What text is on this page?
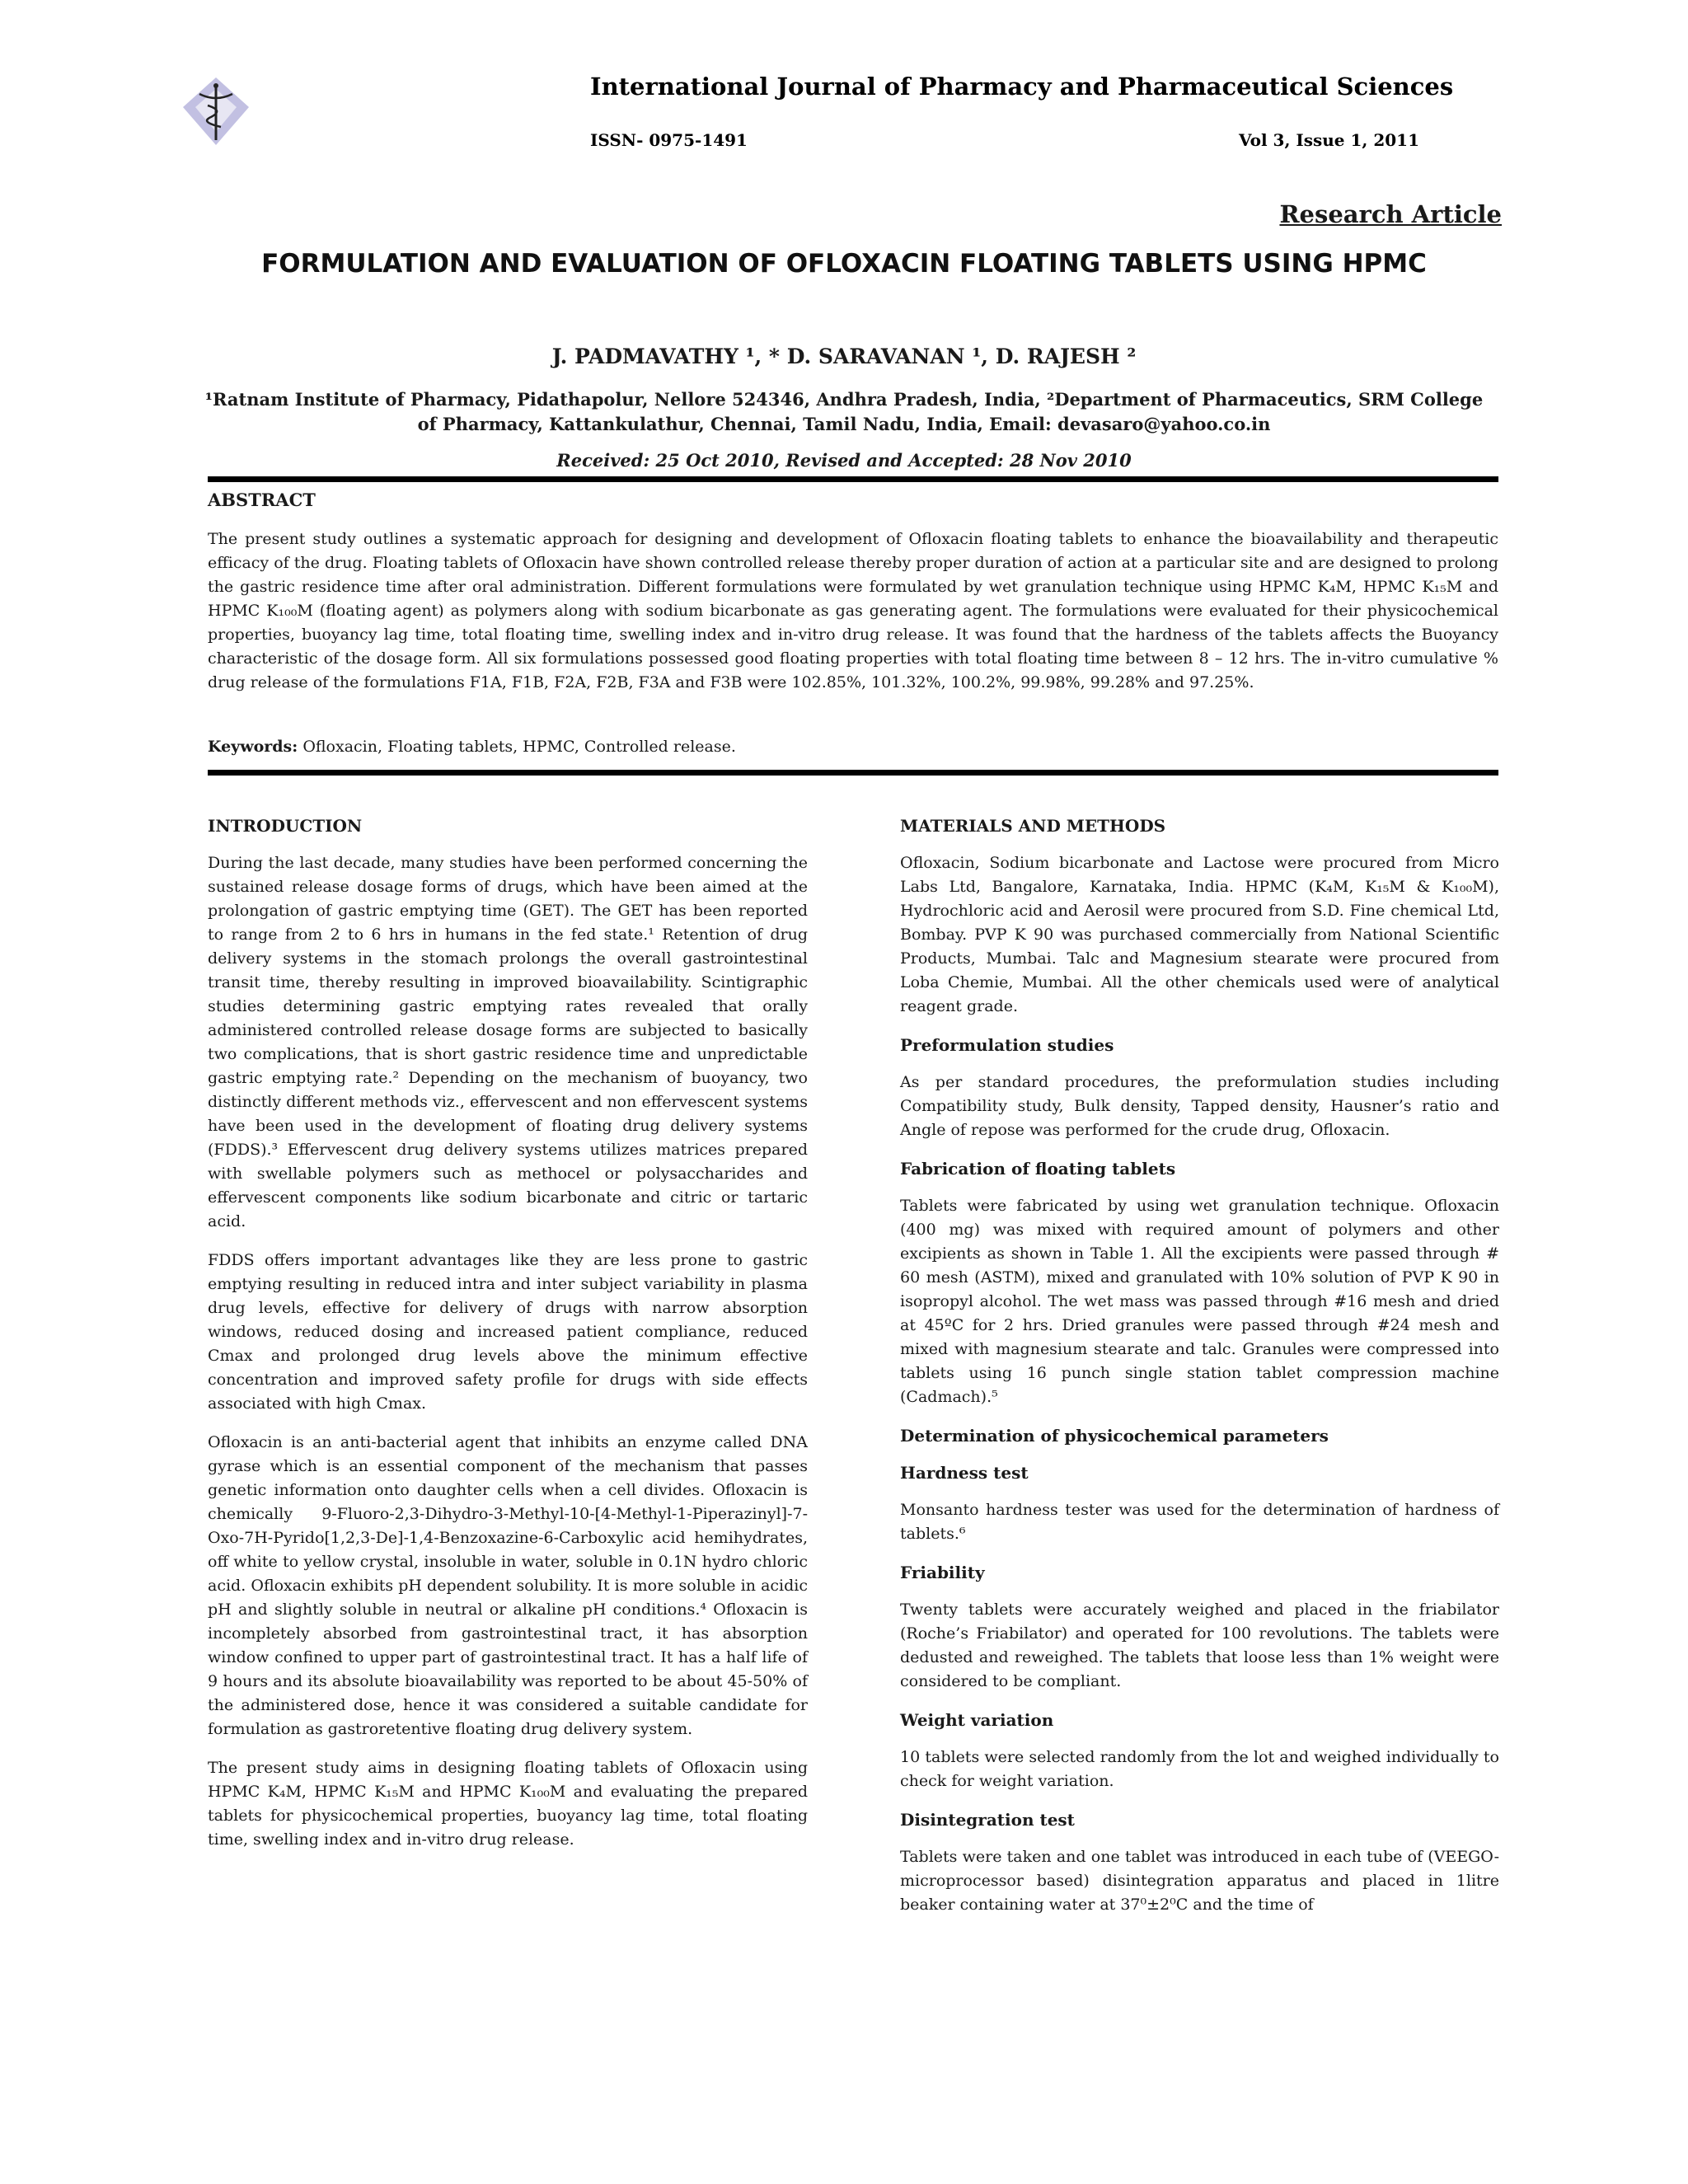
International Journal of Pharmacy and Pharmaceutical Sciences
ISSN- 0975-1491	Vol 3, Issue 1, 2011
Research Article
FORMULATION AND EVALUATION OF OFLOXACIN FLOATING TABLETS USING HPMC
J. PADMAVATHY ¹, * D. SARAVANAN ¹, D. RAJESH ²
¹Ratnam Institute of Pharmacy, Pidathapolur, Nellore 524346, Andhra Pradesh, India, ²Department of Pharmaceutics, SRM College of Pharmacy, Kattankulathur, Chennai, Tamil Nadu, India, Email: devasaro@yahoo.co.in
Received: 25 Oct 2010, Revised and Accepted: 28 Nov 2010
ABSTRACT

The present study outlines a systematic approach for designing and development of Ofloxacin floating tablets to enhance the bioavailability and therapeutic efficacy of the drug. Floating tablets of Ofloxacin have shown controlled release thereby proper duration of action at a particular site and are designed to prolong the gastric residence time after oral administration. Different formulations were formulated by wet granulation technique using HPMC K₄M, HPMC K₁₅M and HPMC K₁₀₀M (floating agent) as polymers along with sodium bicarbonate as gas generating agent. The formulations were evaluated for their physicochemical properties, buoyancy lag time, total floating time, swelling index and in-vitro drug release. It was found that the hardness of the tablets affects the Buoyancy characteristic of the dosage form. All six formulations possessed good floating properties with total floating time between 8 – 12 hrs. The in-vitro cumulative % drug release of the formulations F1A, F1B, F2A, F2B, F3A and F3B were 102.85%, 101.32%, 100.2%, 99.98%, 99.28% and 97.25%.

Keywords: Ofloxacin, Floating tablets, HPMC, Controlled release.
INTRODUCTION

During the last decade, many studies have been performed concerning the sustained release dosage forms of drugs, which have been aimed at the prolongation of gastric emptying time (GET). The GET has been reported to range from 2 to 6 hrs in humans in the fed state.¹ Retention of drug delivery systems in the stomach prolongs the overall gastrointestinal transit time, thereby resulting in improved bioavailability. Scintigraphic studies determining gastric emptying rates revealed that orally administered controlled release dosage forms are subjected to basically two complications, that is short gastric residence time and unpredictable gastric emptying rate.² Depending on the mechanism of buoyancy, two distinctly different methods viz., effervescent and non effervescent systems have been used in the development of floating drug delivery systems (FDDS).³ Effervescent drug delivery systems utilizes matrices prepared with swellable polymers such as methocel or polysaccharides and effervescent components like sodium bicarbonate and citric or tartaric acid.

FDDS offers important advantages like they are less prone to gastric emptying resulting in reduced intra and inter subject variability in plasma drug levels, effective for delivery of drugs with narrow absorption windows, reduced dosing and increased patient compliance, reduced Cmax and prolonged drug levels above the minimum effective concentration and improved safety profile for drugs with side effects associated with high Cmax.

Ofloxacin is an anti-bacterial agent that inhibits an enzyme called DNA gyrase which is an essential component of the mechanism that passes genetic information onto daughter cells when a cell divides. Ofloxacin is chemically 9-Fluoro-2,3-Dihydro-3-Methyl-10-[4-Methyl-1-Piperazinyl]-7-Oxo-7H-Pyrido[1,2,3-De]-1,4-Benzoxazine-6-Carboxylic acid hemihydrates, off white to yellow crystal, insoluble in water, soluble in 0.1N hydro chloric acid. Ofloxacin exhibits pH dependent solubility. It is more soluble in acidic pH and slightly soluble in neutral or alkaline pH conditions.⁴ Ofloxacin is incompletely absorbed from gastrointestinal tract, it has absorption window confined to upper part of gastrointestinal tract. It has a half life of 9 hours and its absolute bioavailability was reported to be about 45-50% of the administered dose, hence it was considered a suitable candidate for formulation as gastroretentive floating drug delivery system.

The present study aims in designing floating tablets of Ofloxacin using HPMC K₄M, HPMC K₁₅M and HPMC K₁₀₀M and evaluating the prepared tablets for physicochemical properties, buoyancy lag time, total floating time, swelling index and in-vitro drug release.

MATERIALS AND METHODS

Ofloxacin, Sodium bicarbonate and Lactose were procured from Micro Labs Ltd, Bangalore, Karnataka, India. HPMC (K₄M, K₁₅M & K₁₀₀M), Hydrochloric acid and Aerosil were procured from S.D. Fine chemical Ltd, Bombay. PVP K 90 was purchased commercially from National Scientific Products, Mumbai. Talc and Magnesium stearate were procured from Loba Chemie, Mumbai. All the other chemicals used were of analytical reagent grade.

Preformulation studies

As per standard procedures, the preformulation studies including Compatibility study, Bulk density, Tapped density, Hausner’s ratio and Angle of repose was performed for the crude drug, Ofloxacin.

Fabrication of floating tablets

Tablets were fabricated by using wet granulation technique. Ofloxacin (400 mg) was mixed with required amount of polymers and other excipients as shown in Table 1. All the excipients were passed through # 60 mesh (ASTM), mixed and granulated with 10% solution of PVP K 90 in isopropyl alcohol. The wet mass was passed through #16 mesh and dried at 45ºC for 2 hrs. Dried granules were passed through #24 mesh and mixed with magnesium stearate and talc. Granules were compressed into tablets using 16 punch single station tablet compression machine (Cadmach).⁵

Determination of physicochemical parameters
Hardness test

Monsanto hardness tester was used for the determination of hardness of tablets.⁶

Friability

Twenty tablets were accurately weighed and placed in the friabilator (Roche’s Friabilator) and operated for 100 revolutions. The tablets were dedusted and reweighed. The tablets that loose less than 1% weight were considered to be compliant.

Weight variation

10 tablets were selected randomly from the lot and weighed individually to check for weight variation.

Disintegration test

Tablets were taken and one tablet was introduced in each tube of (VEEGO-microprocessor based) disintegration apparatus and placed in 1litre beaker containing water at 37⁰±2⁰C and the time of
